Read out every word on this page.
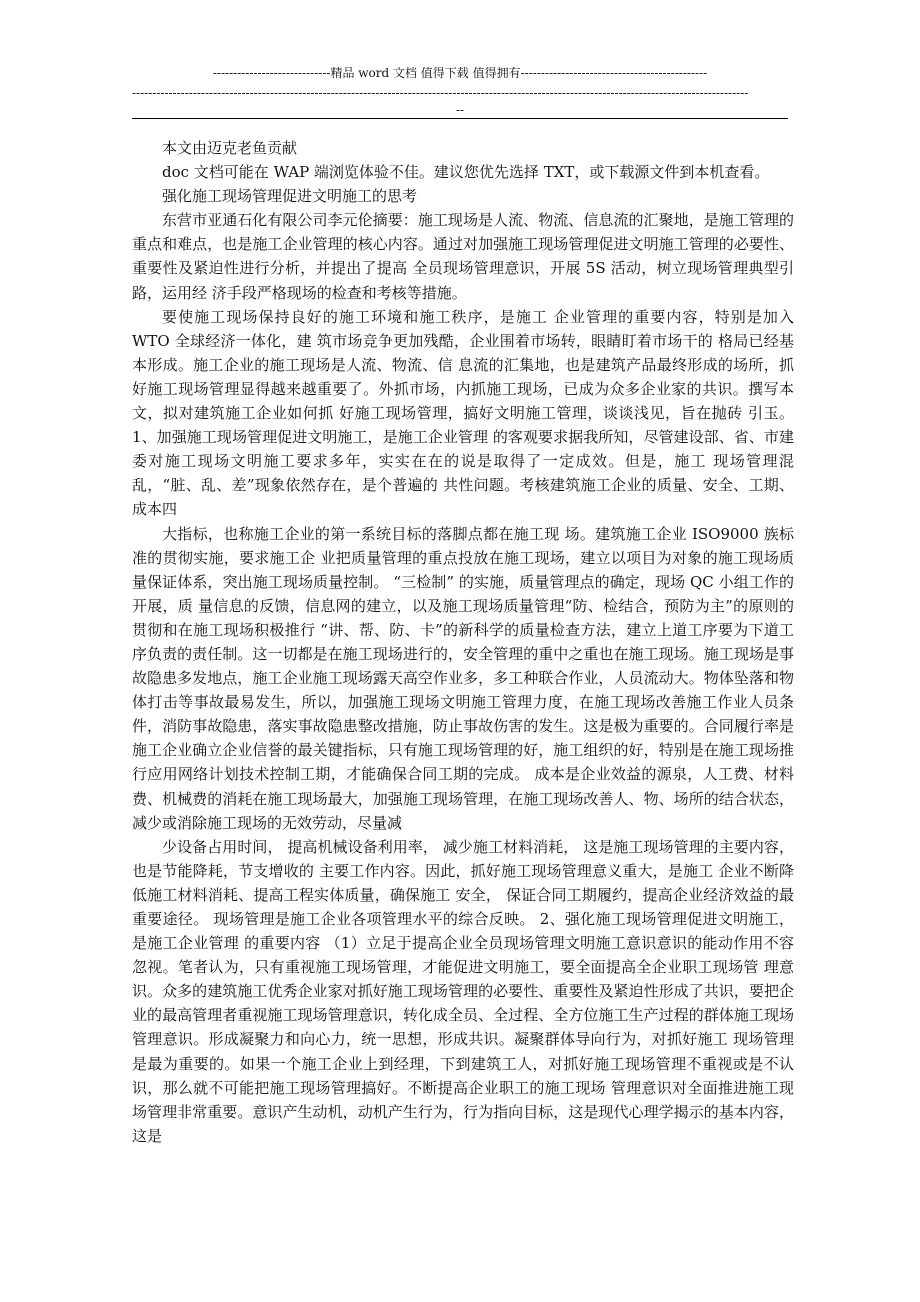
-----------------------------精品 word 文档 值得下载 值得拥有----------------------------------------------
--------------------------------------------------------------------------------------------------------------------------------------------------------
--

本文由迈克老鱼贡献

doc 文档可能在 WAP 端浏览体验不佳。建议您优先选择 TXT，或下载源文件到本机查看。

强化施工现场管理促进文明施工的思考

东营市亚通石化有限公司李元伦摘要：施工现场是人流、物流、信息流的汇聚地，是施工管理的重点和难点，也是施工企业管理的核心内容。通过对加强施工现场管理促进文明施工管理的必要性、重要性及紧迫性进行分析，并提出了提高 全员现场管理意识，开展 5S 活动，树立现场管理典型引路，运用经 济手段严格现场的检查和考核等措施。

要使施工现场保持良好的施工环境和施工秩序，是施工 企业管理的重要内容，特别是加入 WTO 全球经济一体化，建 筑市场竞争更加残酷，企业围着市场转，眼睛盯着市场干的 格局已经基本形成。施工企业的施工现场是人流、物流、信 息流的汇集地，也是建筑产品最终形成的场所，抓好施工现场管理显得越来越重要了。外抓市场，内抓施工现场，已成为众多企业家的共识。撰写本文，拟对建筑施工企业如何抓 好施工现场管理，搞好文明施工管理，谈谈浅见，旨在抛砖 引玉。 1、加强施工现场管理促进文明施工，是施工企业管理 的客观要求据我所知，尽管建设部、省、市建委对施工现场文明施工要求多年，实实在在的说是取得了一定成效。但是，施工 现场管理混乱，“脏、乱、差”现象依然存在，是个普遍的 共性问题。考核建筑施工企业的质量、安全、工期、成本四

大指标，也称施工企业的第一系统目标的落脚点都在施工现 场。建筑施工企业 ISO9000 族标准的贯彻实施，要求施工企 业把质量管理的重点投放在施工现场，建立以项目为对象的施工现场质量保证体系，突出施工现场质量控制。 “三检制” 的实施，质量管理点的确定，现场 QC 小组工作的开展，质 量信息的反馈，信息网的建立，以及施工现场质量管理“防、检结合，预防为主”的原则的贯彻和在施工现场积极推行 “讲、帮、防、卡”的新科学的质量检查方法，建立上道工序要为下道工序负责的责任制。这一切都是在施工现场进行的，安全管理的重中之重也在施工现场。施工现场是事故隐患多发地点，施工企业施工现场露天高空作业多，多工种联合作业，人员流动大。物体坠落和物 体打击等事故最易发生，所以，加强施工现场文明施工管理力度，在施工现场改善施工作业人员条件，消防事故隐患，落实事故隐患整改措施，防止事故伤害的发生。这是极为重要的。合同履行率是施工企业确立企业信誉的最关键指标，只有施工现场管理的好，施工组织的好，特别是在施工现场推行应用网络计划技术控制工期，才能确保合同工期的完成。 成本是企业效益的源泉，人工费、材料费、机械费的消耗在施工现场最大，加强施工现场管理，在施工现场改善人、物、场所的结合状态，减少或消除施工现场的无效劳动，尽量减

少设备占用时间， 提高机械设备利用率， 减少施工材料消耗， 这是施工现场管理的主要内容，也是节能降耗，节支增收的 主要工作内容。因此，抓好施工现场管理意义重大，是施工 企业不断降低施工材料消耗、提高工程实体质量，确保施工 安全， 保证合同工期履约，提高企业经济效益的最重要途径。 现场管理是施工企业各项管理水平的综合反映。 2、强化施工现场管理促进文明施工，是施工企业管理 的重要内容 （1）立足于提高企业全员现场管理文明施工意识意识的能动作用不容忽视。笔者认为，只有重视施工现场管理，才能促进文明施工，要全面提高全企业职工现场管 理意识。众多的建筑施工优秀企业家对抓好施工现场管理的必要性、重要性及紧迫性形成了共识，要把企业的最高管理者重视施工现场管理意识，转化成全员、全过程、全方位施工生产过程的群体施工现场管理意识。形成凝聚力和向心力，统一思想，形成共识。凝聚群体导向行为，对抓好施工 现场管理是最为重要的。如果一个施工企业上到经理，下到建筑工人，对抓好施工现场管理不重视或是不认识，那么就不可能把施工现场管理搞好。不断提高企业职工的施工现场 管理意识对全面推进施工现场管理非常重要。意识产生动机，动机产生行为，行为指向目标，这是现代心理学揭示的基本内容，这是
